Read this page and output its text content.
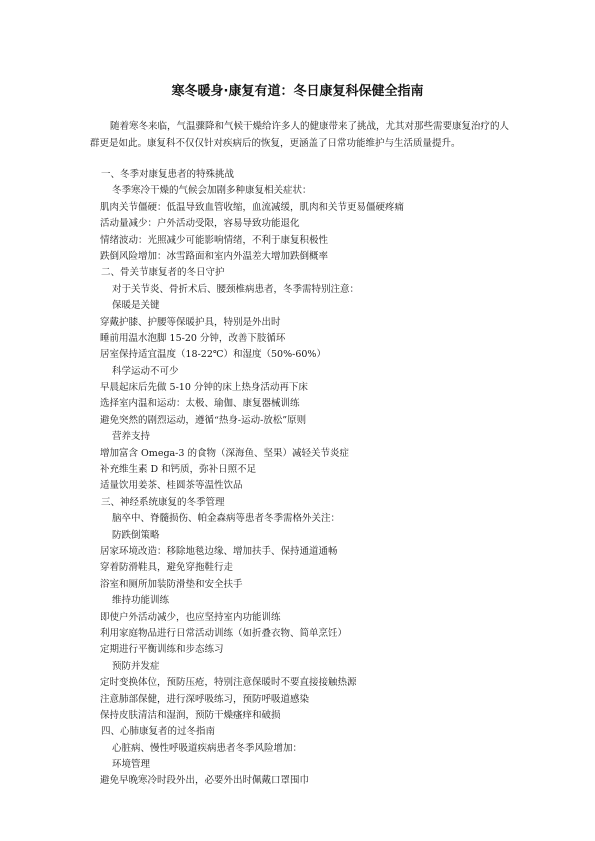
寒冬暖身·康复有道：冬日康复科保健全指南

随着寒冬来临，气温骤降和气候干燥给许多人的健康带来了挑战，尤其对那些需要康复治疗的人群更是如此。康复科不仅仅针对疾病后的恢复，更涵盖了日常功能维护与生活质量提升。

一、冬季对康复患者的特殊挑战
冬季寒冷干燥的气候会加剧多种康复相关症状：
肌肉关节僵硬：低温导致血管收缩，血流减缓，肌肉和关节更易僵硬疼痛
活动量减少：户外活动受限，容易导致功能退化
情绪波动：光照减少可能影响情绪，不利于康复积极性
跌倒风险增加：冰雪路面和室内外温差大增加跌倒概率
二、骨关节康复者的冬日守护
对于关节炎、骨折术后、腰颈椎病患者，冬季需特别注意：
保暖是关键
穿戴护膝、护腰等保暖护具，特别是外出时
睡前用温水泡脚 15-20 分钟，改善下肢循环
居室保持适宜温度（18-22℃）和湿度（50%-60%）
科学运动不可少
早晨起床后先做 5-10 分钟的床上热身活动再下床
选择室内温和运动：太极、瑜伽、康复器械训练
避免突然的剧烈运动，遵循“热身-运动-放松”原则
营养支持
增加富含 Omega-3 的食物（深海鱼、坚果）减轻关节炎症
补充维生素 D 和钙质，弥补日照不足
适量饮用姜茶、桂圆茶等温性饮品
三、神经系统康复的冬季管理
脑卒中、脊髓损伤、帕金森病等患者冬季需格外关注：
防跌倒策略
居家环境改造：移除地毯边缘、增加扶手、保持通道通畅
穿着防滑鞋具，避免穿拖鞋行走
浴室和厕所加装防滑垫和安全扶手
维持功能训练
即使户外活动减少，也应坚持室内功能训练
利用家庭物品进行日常活动训练（如折叠衣物、简单烹饪）
定期进行平衡训练和步态练习
预防并发症
定时变换体位，预防压疮，特别注意保暖时不要直接接触热源
注意肺部保健，进行深呼吸练习，预防呼吸道感染
保持皮肤清洁和湿润，预防干燥瘙痒和破损
四、心肺康复者的过冬指南
心脏病、慢性呼吸道疾病患者冬季风险增加：
环境管理
避免早晚寒冷时段外出，必要外出时佩戴口罩围巾
